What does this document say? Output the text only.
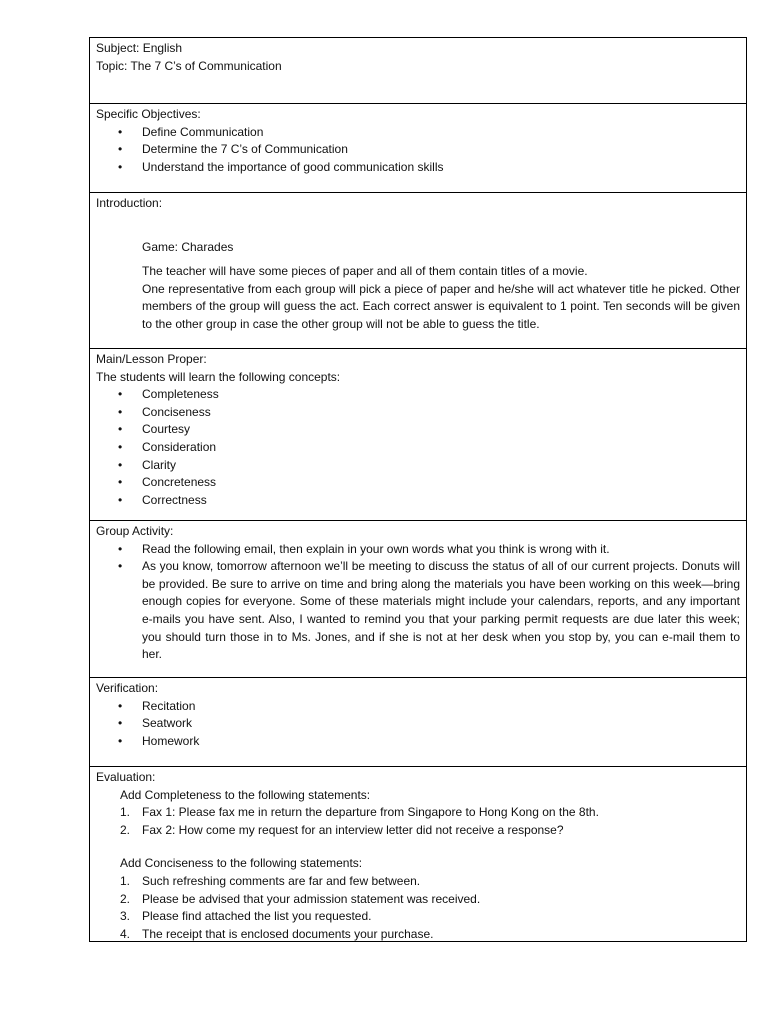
Subject: English

Topic: The 7 C’s of Communication

Specific Objectives:

• Define Communication
• Determine the 7 C’s of Communication
• Understand the importance of good communication skills

Introduction:

Game: Charades

The teacher will have some pieces of paper and all of them contain titles of a movie.

One representative from each group will pick a piece of paper and he/she will act whatever title he picked. Other members of the group will guess the act. Each correct answer is equivalent to 1 point. Ten seconds will be given to the other group in case the other group will not be able to guess the title.

Main/Lesson Proper:

The students will learn the following concepts:

• Completeness
• Conciseness
• Courtesy
• Consideration
• Clarity
• Concreteness
• Correctness

Group Activity:

• Read the following email, then explain in your own words what you think is wrong with it.
• As you know, tomorrow afternoon we’ll be meeting to discuss the status of all of our current projects. Donuts will be provided. Be sure to arrive on time and bring along the materials you have been working on this week—bring enough copies for everyone. Some of these materials might include your calendars, reports, and any important e-mails you have sent. Also, I wanted to remind you that your parking permit requests are due later this week; you should turn those in to Ms. Jones, and if she is not at her desk when you stop by, you can e-mail them to her.

Verification:

• Recitation
• Seatwork
• Homework

Evaluation:

Add Completeness to the following statements:

1. Fax 1: Please fax me in return the departure from Singapore to Hong Kong on the 8th.
2. Fax 2: How come my request for an interview letter did not receive a response?

Add Conciseness to the following statements:

1. Such refreshing comments are far and few between.
2. Please be advised that your admission statement was received.
3. Please find attached the list you requested.
4. The receipt that is enclosed documents your purchase.
